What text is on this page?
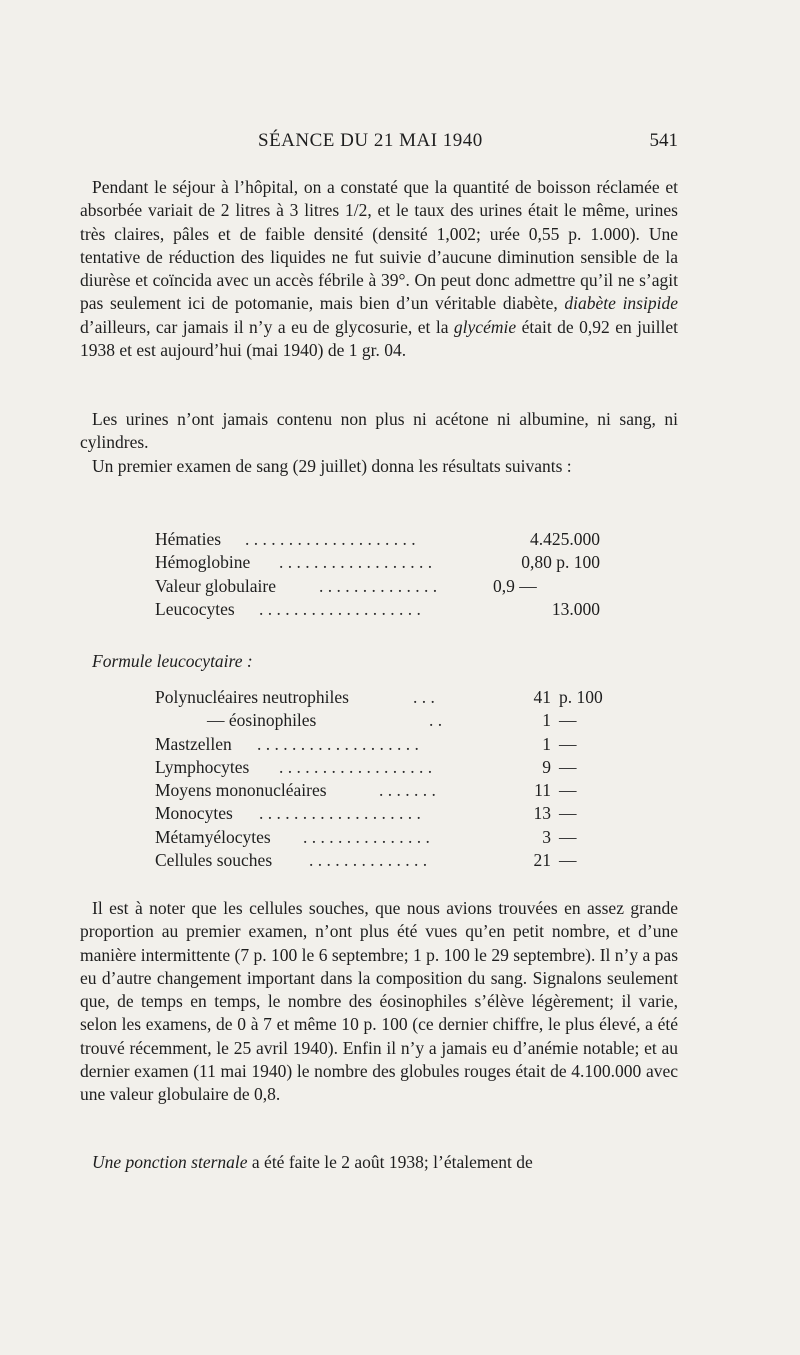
SÉANCE DU 21 MAI 1940	541

Pendant le séjour à l’hôpital, on a constaté que la quantité de boisson réclamée et absorbée variait de 2 litres à 3 litres 1/2, et le taux des urines était le même, urines très claires, pâles et de faible densité (densité 1,002; urée 0,55 p. 1.000). Une tentative de réduction des liquides ne fut suivie d’aucune diminution sensible de la diurèse et coïncida avec un accès fébrile à 39°. On peut donc admettre qu’il ne s’agit pas seulement ici de potomanie, mais bien d’un véritable diabète, diabète insipide d’ailleurs, car jamais il n’y a eu de glycosurie, et la glycémie était de 0,92 en juillet 1938 et est aujourd’hui (mai 1940) de 1 gr. 04.

Les urines n’ont jamais contenu non plus ni acétone ni albumine, ni sang, ni cylindres.

Un premier examen de sang (29 juillet) donna les résultats suivants :

Hématies . . . . . . . . . . . . . . . . . . . .	4.425.000
Hémoglobine . . . . . . . . . . . . . . . . . .	0,80 p. 100
Valeur globulaire . . . . . . . . . . . . . .	0,9 —
Leucocytes . . . . . . . . . . . . . . . . . . .	13.000
Formule leucocytaire :
Polynucléaires neutrophiles	. . .	41 p. 100
— éosinophiles	. .	1 —
Mastzellen . . . . . . . . . . . . . . . . . . .	1 —
Lymphocytes . . . . . . . . . . . . . . . . . .	9 —
Moyens mononucléaires	. . . . . . .	11 —
Monocytes . . . . . . . . . . . . . . . . . . .	13 —
Métamyélocytes . . . . . . . . . . . . . . .	3 —
Cellules souches . . . . . . . . . . . . . .	21 —

Il est à noter que les cellules souches, que nous avions trouvées en assez grande proportion au premier examen, n’ont plus été vues qu’en petit nombre, et d’une manière intermittente (7 p. 100 le 6 septembre; 1 p. 100 le 29 septembre). Il n’y a pas eu d’autre changement important dans la composition du sang. Signalons seulement que, de temps en temps, le nombre des éosinophiles s’élève légèrement; il varie, selon les examens, de 0 à 7 et même 10 p. 100 (ce dernier chiffre, le plus élevé, a été trouvé récemment, le 25 avril 1940). Enfin il n’y a jamais eu d’anémie notable; et au dernier examen (11 mai 1940) le nombre des globules rouges était de 4.100.000 avec une valeur globulaire de 0,8.

Une ponction sternale a été faite le 2 août 1938; l’étalement de
